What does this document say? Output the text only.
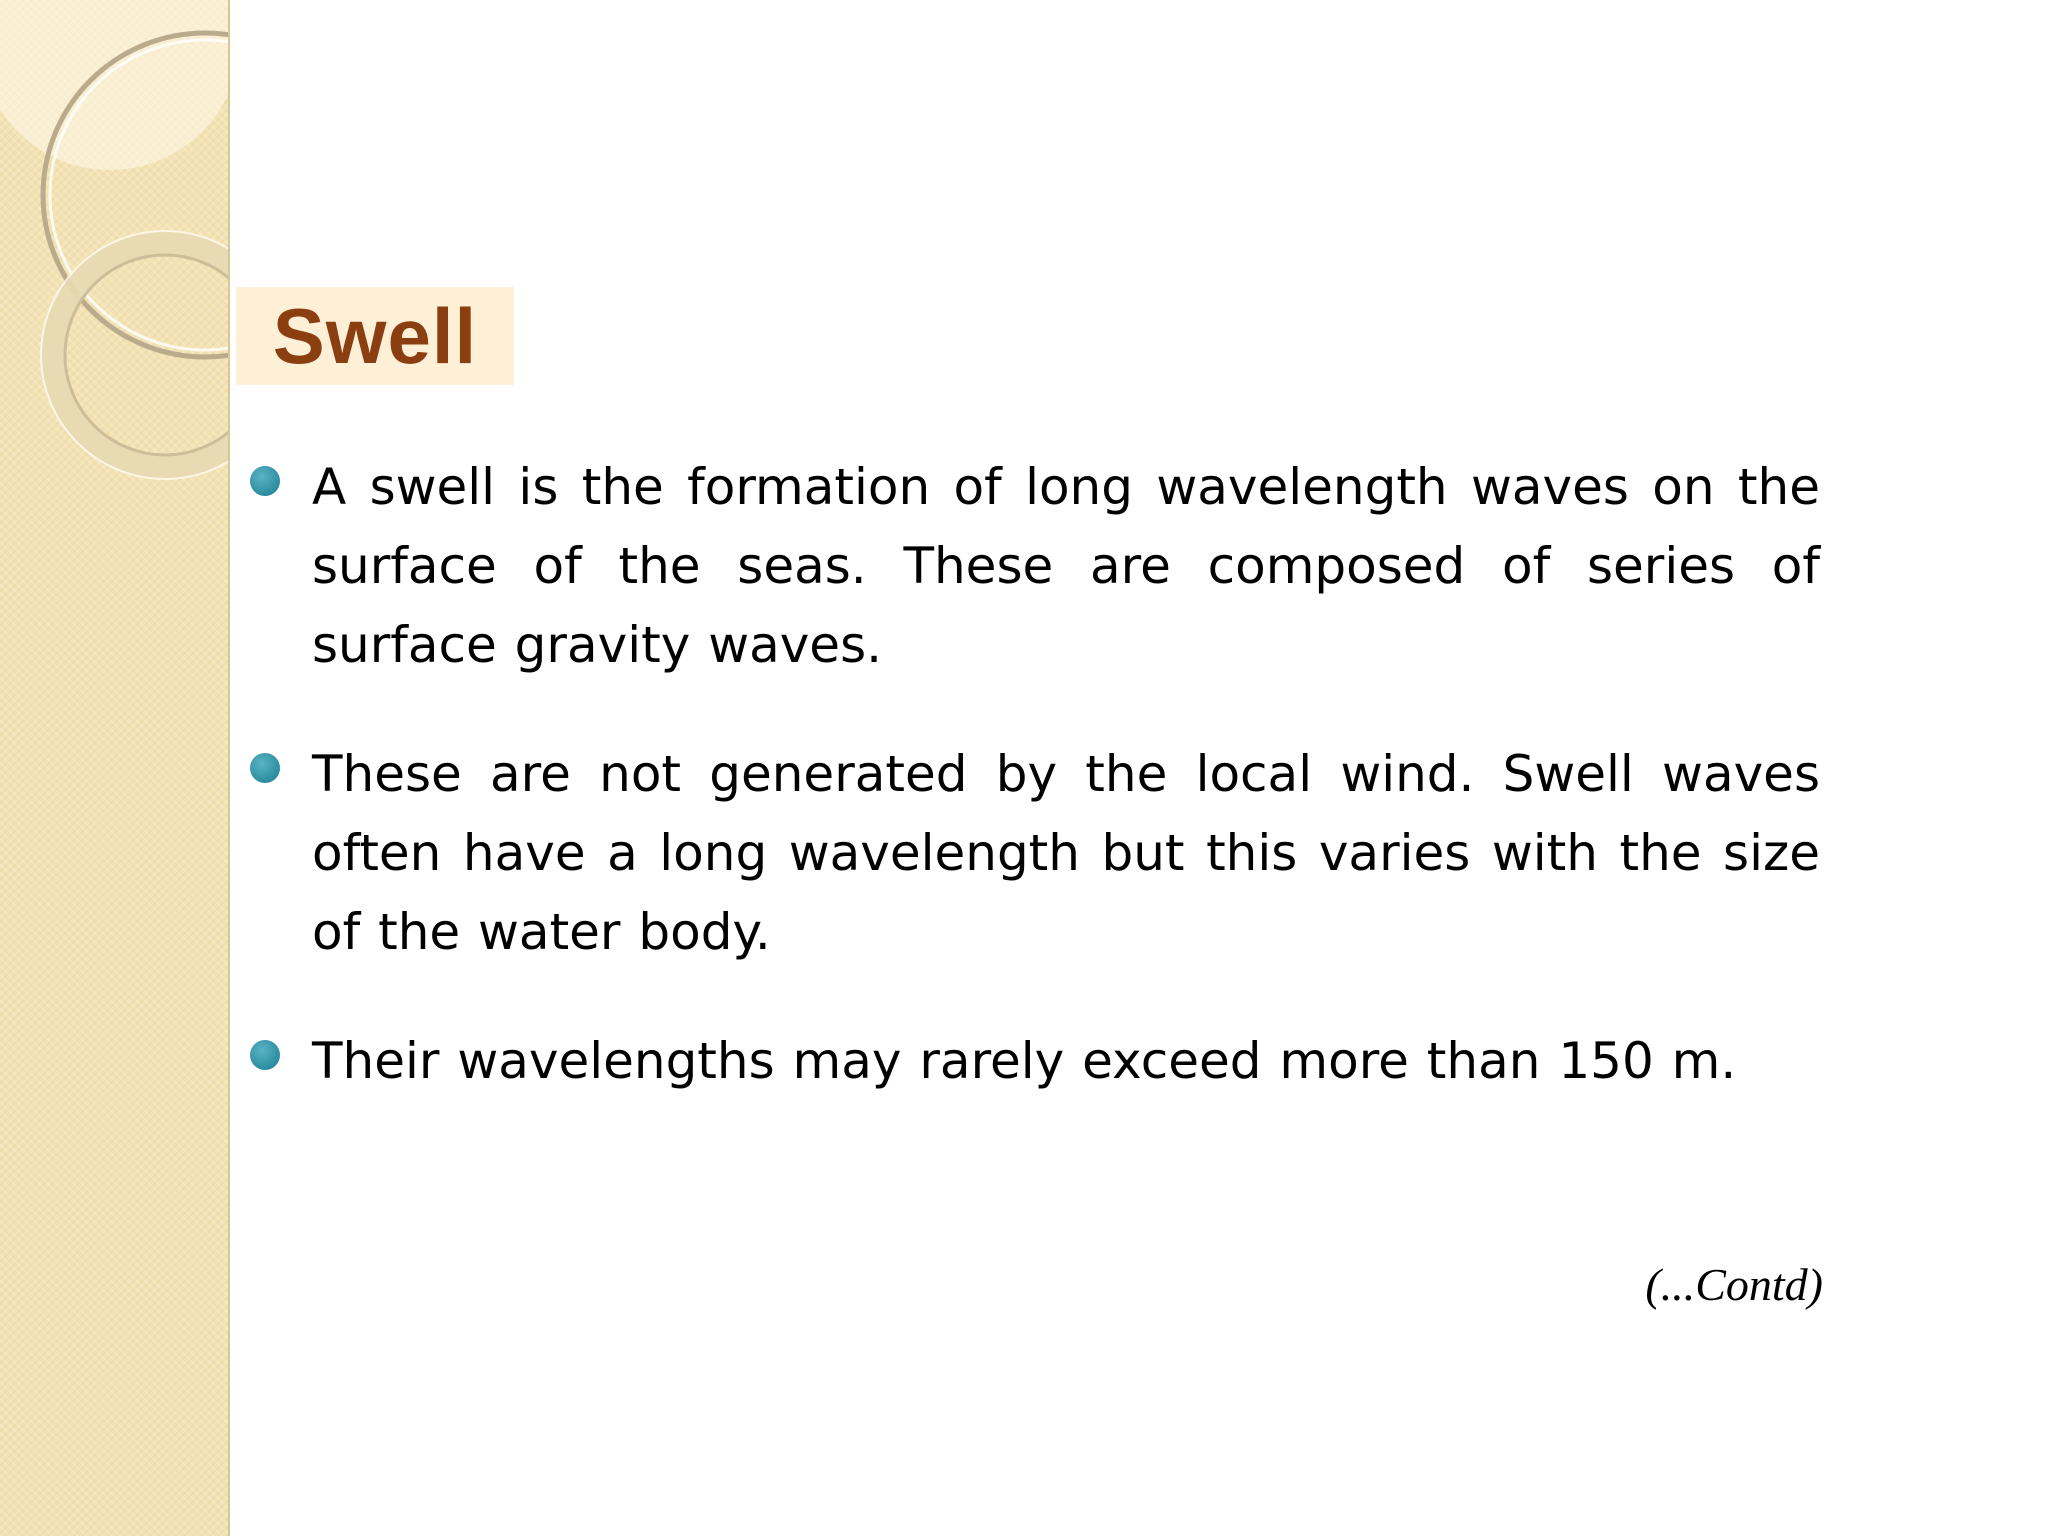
Swell
A swell is the formation of long wavelength waves on the surface of the seas. These are composed of series of surface gravity waves.
These are not generated by the local wind. Swell waves often have a long wavelength but this varies with the size of the water body.
Their wavelengths may rarely exceed more than 150 m.
(...Contd)
